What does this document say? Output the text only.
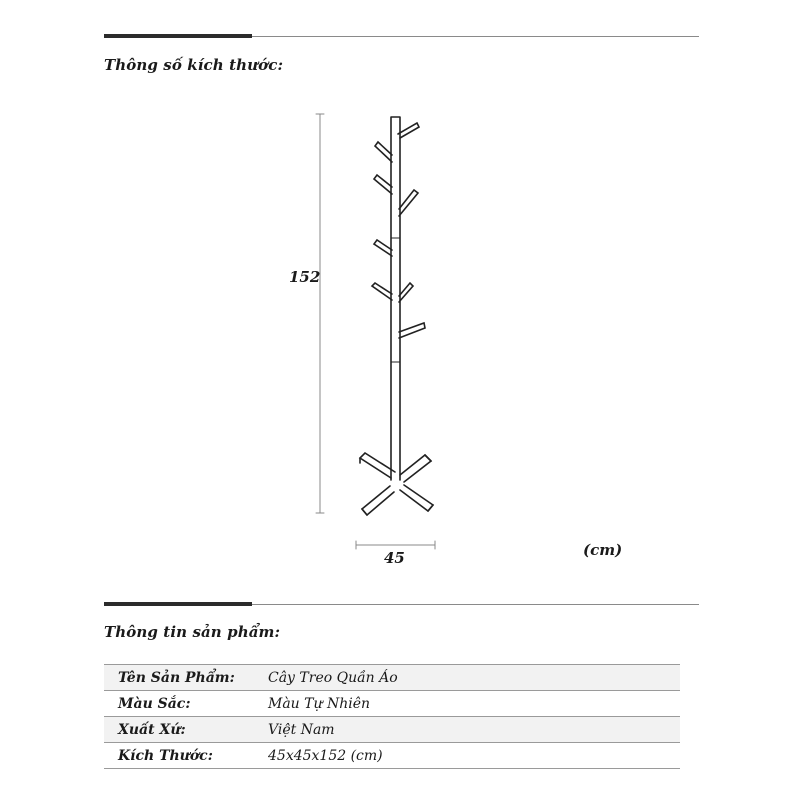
Thông số kích thước:
152
45	(cm)
Thông tin sản phẩm:
Tên Sản Phẩm:	Cây Treo Quần Áo
Màu Sắc:	Màu Tự Nhiên
Xuất Xứ:	Việt Nam
Kích Thước:	45x45x152 (cm)
